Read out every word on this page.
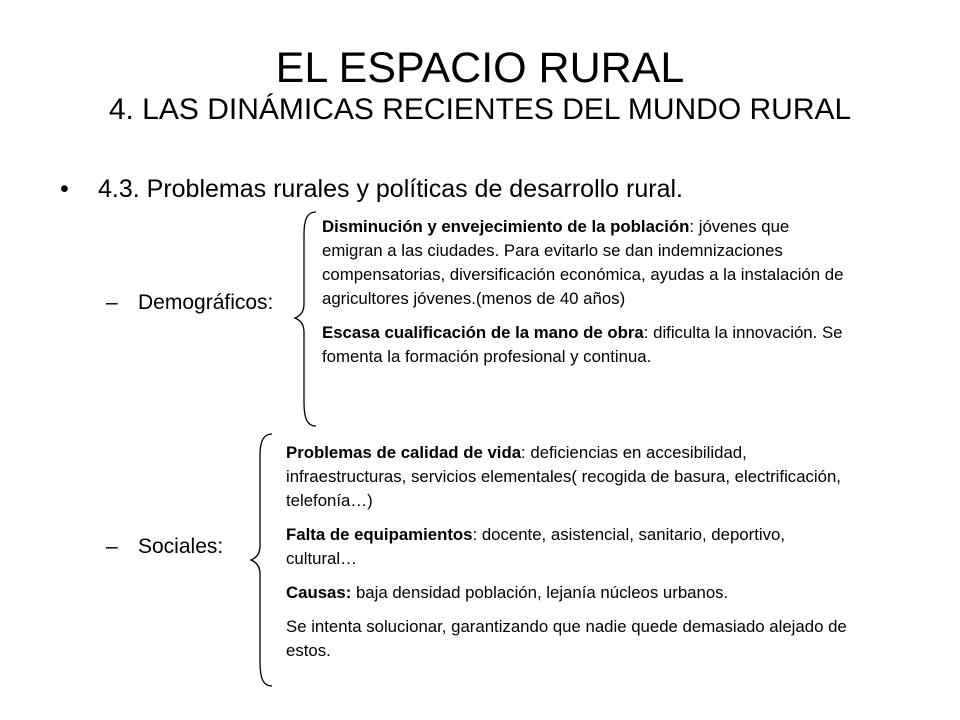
EL ESPACIO RURAL
4. LAS DINÁMICAS RECIENTES DEL MUNDO RURAL
• 4.3. Problemas rurales y políticas de desarrollo rural.
– Demográficos:

Disminución y envejecimiento de la población: jóvenes que emigran a las ciudades. Para evitarlo se dan indemnizaciones compensatorias, diversificación económica, ayudas a la instalación de agricultores jóvenes.(menos de 40 años)

Escasa cualificación de la mano de obra: dificulta la innovación. Se fomenta la formación profesional y continua.

– Sociales:

Problemas de calidad de vida: deficiencias en accesibilidad, infraestructuras, servicios elementales( recogida de basura, electrificación, telefonía…)

Falta de equipamientos: docente, asistencial, sanitario, deportivo, cultural…

Causas: baja densidad población, lejanía núcleos urbanos.

Se intenta solucionar, garantizando que nadie quede demasiado alejado de estos.
